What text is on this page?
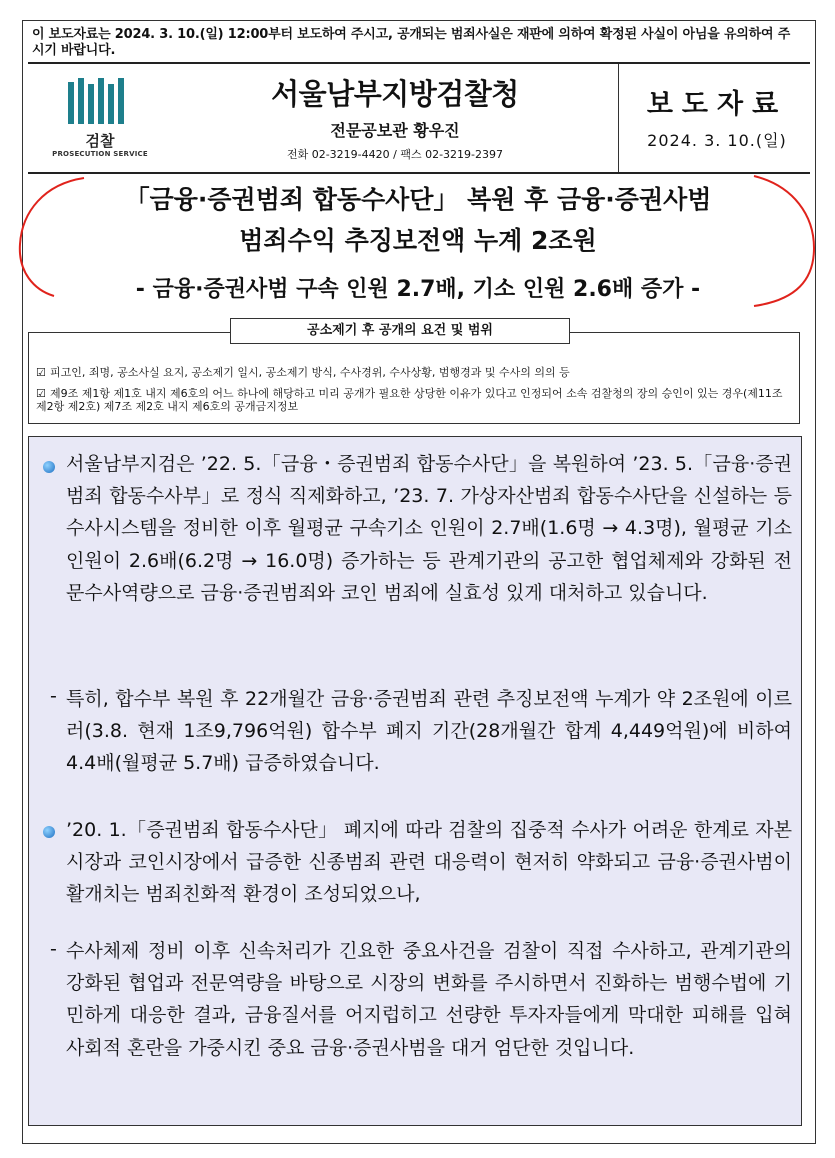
이 보도자료는 2024. 3. 10.(일) 12:00부터 보도하여 주시고, 공개되는 범죄사실은 재판에 의하여 확정된 사실이 아님을 유의하여 주시기 바랍니다.
검찰
PROSECUTION SERVICE
서울남부지방검찰청
전문공보관 황우진
전화 02-3219-4420 / 팩스 02-3219-2397
보도자료
2024. 3. 10.(일)
「금융·증권범죄 합동수사단」 복원 후 금융·증권사범
범죄수익 추징보전액 누계 2조원
- 금융·증권사범 구속 인원 2.7배, 기소 인원 2.6배 증가 -
공소제기 후 공개의 요건 및 범위
☑ 피고인, 죄명, 공소사실 요지, 공소제기 일시, 공소제기 방식, 수사경위, 수사상황, 범행경과 및 수사의 의의 등
☑ 제9조 제1항 제1호 내지 제6호의 어느 하나에 해당하고 미리 공개가 필요한 상당한 이유가 있다고 인정되어 소속 검찰청의 장의 승인이 있는 경우(제11조 제2항 제2호) 제7조 제2호 내지 제6호의 공개금지정보
서울남부지검은 ’22. 5.「금융・증권범죄 합동수사단」을 복원하여 ’23. 5.「금융·증권범죄 합동수사부」로 정식 직제화하고, ’23. 7. 가상자산범죄 합동수사단을 신설하는 등 수사시스템을 정비한 이후 월평균 구속기소 인원이 2.7배(1.6명 → 4.3명), 월평균 기소 인원이 2.6배(6.2명 → 16.0명) 증가하는 등 관계기관의 공고한 협업체제와 강화된 전문수사역량으로 금융·증권범죄와 코인 범죄에 실효성 있게 대처하고 있습니다.
- 특히, 합수부 복원 후 22개월간 금융·증권범죄 관련 추징보전액 누계가 약 2조원에 이르러(3.8. 현재 1조9,796억원) 합수부 폐지 기간(28개월간 합계 4,449억원)에 비하여 4.4배(월평균 5.7배) 급증하였습니다.
’20. 1.「증권범죄 합동수사단」 폐지에 따라 검찰의 집중적 수사가 어려운 한계로 자본시장과 코인시장에서 급증한 신종범죄 관련 대응력이 현저히 약화되고 금융·증권사범이 활개치는 범죄친화적 환경이 조성되었으나,
- 수사체제 정비 이후 신속처리가 긴요한 중요사건을 검찰이 직접 수사하고, 관계기관의 강화된 협업과 전문역량을 바탕으로 시장의 변화를 주시하면서 진화하는 범행수법에 기민하게 대응한 결과, 금융질서를 어지럽히고 선량한 투자자들에게 막대한 피해를 입혀 사회적 혼란을 가중시킨 중요 금융·증권사범을 대거 엄단한 것입니다.
